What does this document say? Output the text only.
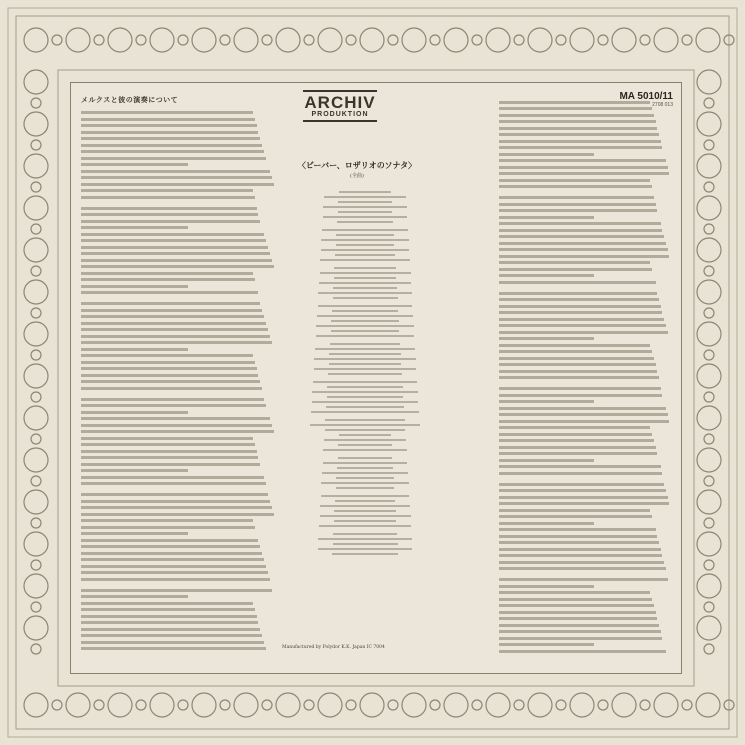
メルクスと彼の演奏について	MA 5010/11
2708 013
ARCHIV
PRODUKTION
〈ビーバー、ロザリオのソナタ〉
(全曲)
Manufactured by Polydor K.K. Japan IC 7004
